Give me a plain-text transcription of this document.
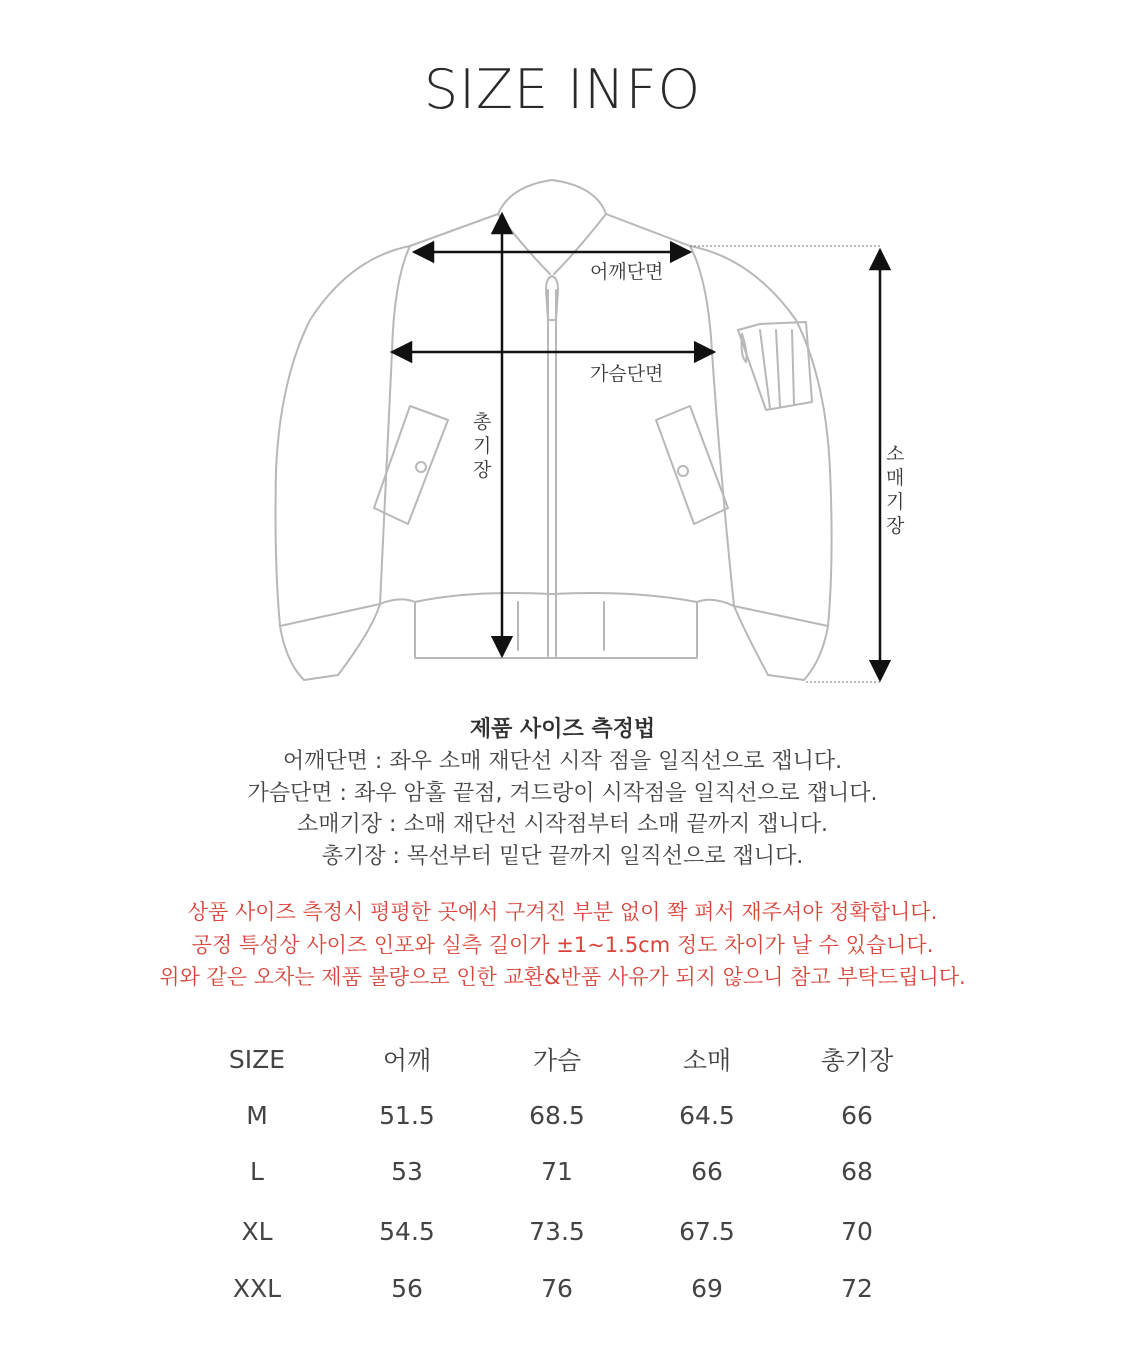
SIZE INFO
어깨단면
가슴단면
총
기
장
소
매
기
장
제품 사이즈 측정법
어깨단면 : 좌우 소매 재단선 시작 점을 일직선으로 잽니다.
가슴단면 : 좌우 암홀 끝점, 겨드랑이 시작점을 일직선으로 잽니다.
소매기장 : 소매 재단선 시작점부터 소매 끝까지 잽니다.
총기장 : 목선부터 밑단 끝까지 일직선으로 잽니다.
상품 사이즈 측정시 평평한 곳에서 구겨진 부분 없이 쫙 펴서 재주셔야 정확합니다.
공정 특성상 사이즈 인포와 실측 길이가 ±1~1.5cm 정도 차이가 날 수 있습니다.
위와 같은 오차는 제품 불량으로 인한 교환&반품 사유가 되지 않으니 참고 부탁드립니다.
SIZE	어깨	가슴	소매	총기장
M	51.5	68.5	64.5	66
L	53	71	66	68
XL	54.5	73.5	67.5	70
XXL	56	76	69	72
